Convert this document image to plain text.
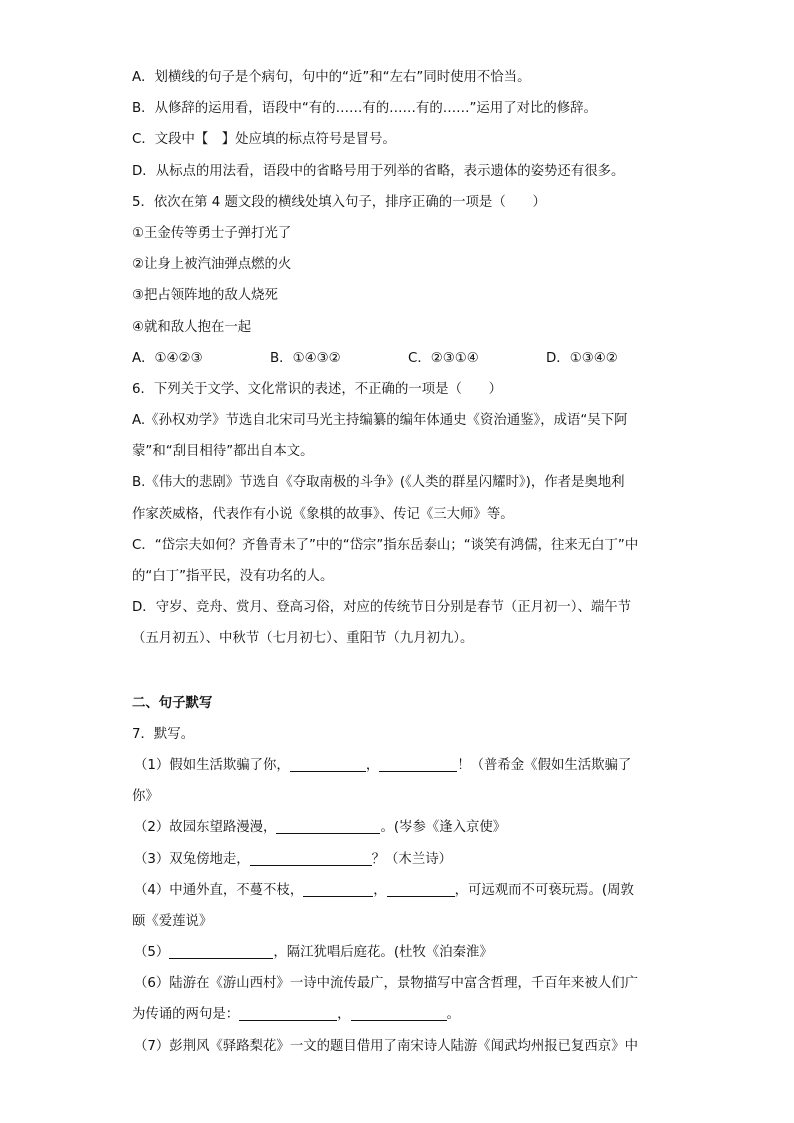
A．划横线的句子是个病句，句中的“近”和“左右”同时使用不恰当。

B．从修辞的运用看，语段中“有的……有的……有的……”运用了对比的修辞。

C．文段中【　】处应填的标点符号是冒号。

D．从标点的用法看，语段中的省略号用于列举的省略，表示遗体的姿势还有很多。

5．依次在第 4 题文段的横线处填入句子，排序正确的一项是（　　）

①王金传等勇士子弹打光了

②让身上被汽油弹点燃的火

③把占领阵地的敌人烧死

④就和敌人抱在一起

A．①④②③	B．①④③②	C．②③①④	D．①③④②

6．下列关于文学、文化常识的表述，不正确的一项是（　　）

A.《孙权劝学》节选自北宋司马光主持编纂的编年体通史《资治通鉴》，成语“吴下阿

蒙”和“刮目相待”都出自本文。

B.《伟大的悲剧》节选自《夺取南极的斗争》(《人类的群星闪耀时》)，作者是奥地利

作家茨威格，代表作有小说《象棋的故事》、传记《三大师》等。

C．“岱宗夫如何？齐鲁青未了”中的“岱宗”指东岳泰山；“谈笑有鸿儒，往来无白丁”中

的“白丁”指平民，没有功名的人。

D．守岁、竞舟、赏月、登高习俗，对应的传统节日分别是春节（正月初一）、端午节

（五月初五）、中秋节（七月初七）、重阳节（九月初九）。

二、句子默写

7．默写。

（1）假如生活欺骗了你，	，	！（普希金《假如生活欺骗了

你》

（2）故园东望路漫漫，	。(岑参《逢入京使》

（3）双兔傍地走，	？（木兰诗）

（4）中通外直，不蔓不枝，	，	，可远观而不可亵玩焉。(周敦

颐《爱莲说》

（5）	，隔江犹唱后庭花。(杜牧《泊秦淮》

（6）陆游在《游山西村》一诗中流传最广，景物描写中富含哲理，千百年来被人们广

为传诵的两句是：	，	。

（7）彭荆风《驿路梨花》一文的题目借用了南宋诗人陆游《闻武均州报已复西京》中
